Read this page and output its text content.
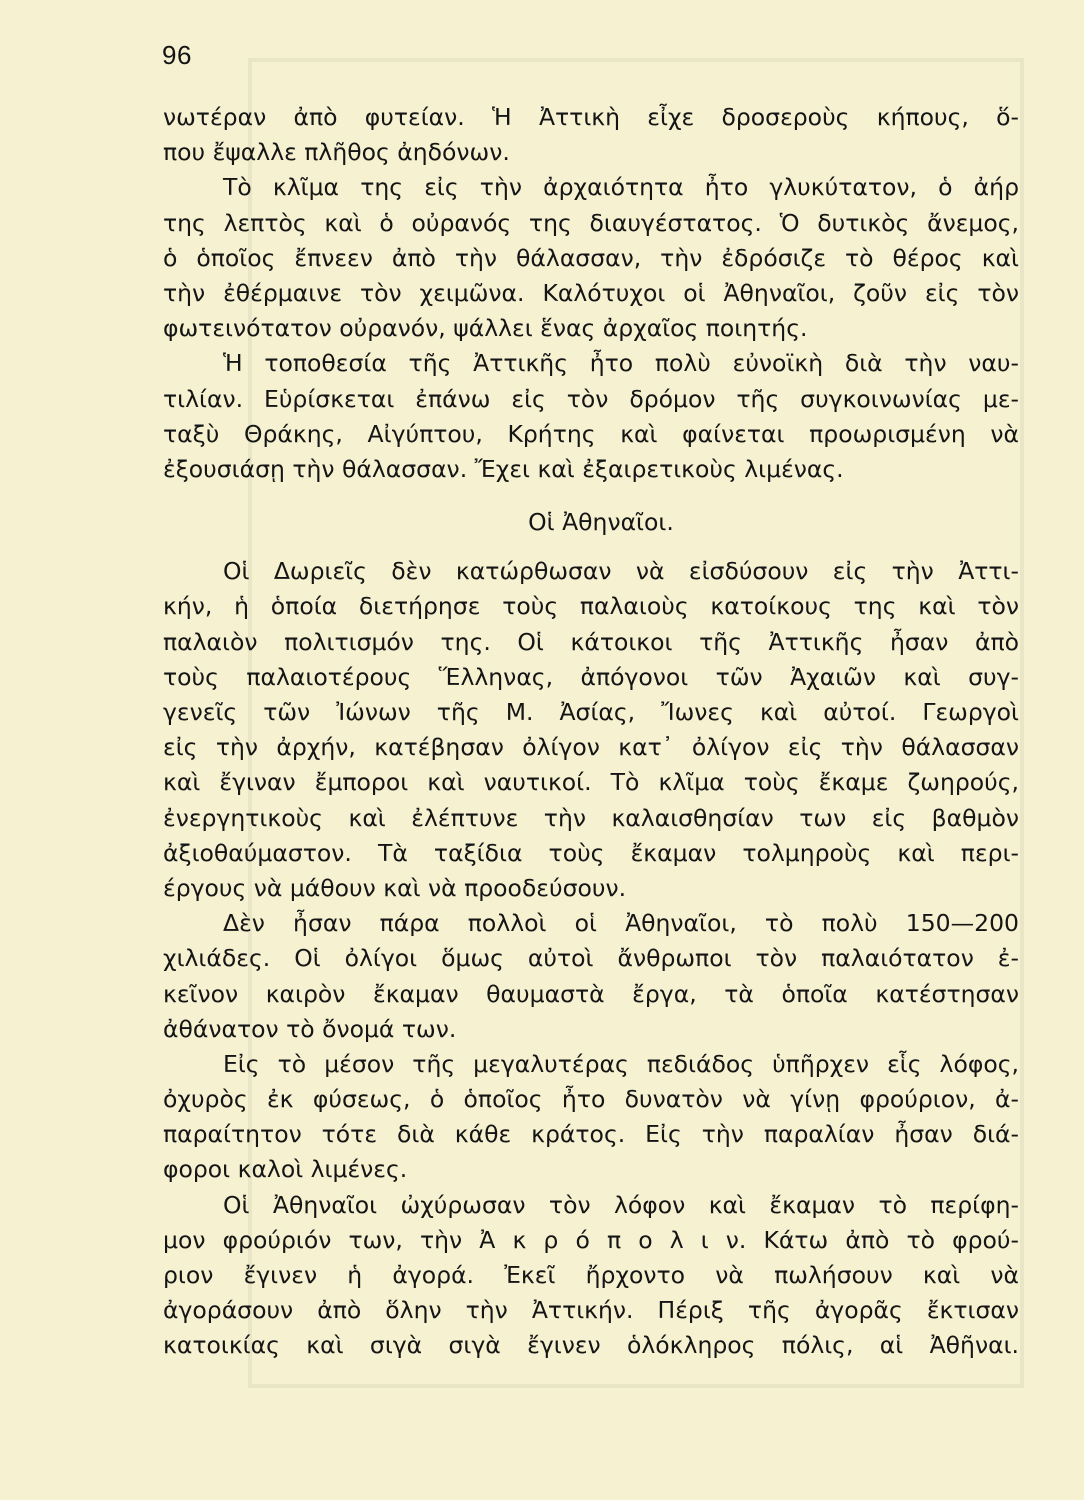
96
νωτέραν ἀπὸ φυτείαν. Ἡ Ἀττικὴ εἶχε δροσεροὺς κήπους, ὅ-
που ἔψαλλε πλῆθος ἀηδόνων.
Τὸ κλῖμα της εἰς τὴν ἀρχαιότητα ἦτο γλυκύτατον, ὁ ἀήρ
της λεπτὸς καὶ ὁ οὐρανός της διαυγέστατος. Ὁ δυτικὸς ἄνεμος,
ὁ ὁποῖος ἔπνεεν ἀπὸ τὴν θάλασσαν, τὴν ἐδρόσιζε τὸ θέρος καὶ
τὴν ἐθέρμαινε τὸν χειμῶνα. Καλότυχοι οἱ Ἀθηναῖοι, ζοῦν εἰς τὸν
φωτεινότατον οὐρανόν, ψάλλει ἕνας ἀρχαῖος ποιητής.
Ἡ τοποθεσία τῆς Ἀττικῆς ἦτο πολὺ εὐνοϊκὴ διὰ τὴν ναυ-
τιλίαν. Εὑρίσκεται ἐπάνω εἰς τὸν δρόμον τῆς συγκοινωνίας με-
ταξὺ Θράκης, Αἰγύπτου, Κρήτης καὶ φαίνεται προωρισμένη νὰ
ἐξουσιάσῃ τὴν θάλασσαν. Ἔχει καὶ ἐξαιρετικοὺς λιμένας.
Οἱ Ἀθηναῖοι.
Οἱ Δωριεῖς δὲν κατώρθωσαν νὰ εἰσδύσουν εἰς τὴν Ἀττι-
κήν, ἡ ὁποία διετήρησε τοὺς παλαιοὺς κατοίκους της καὶ τὸν
παλαιὸν πολιτισμόν της. Οἱ κάτοικοι τῆς Ἀττικῆς ἦσαν ἀπὸ
τοὺς παλαιοτέρους Ἕλληνας, ἀπόγονοι τῶν Ἀχαιῶν καὶ συγ-
γενεῖς τῶν Ἰώνων τῆς Μ. Ἀσίας, Ἴωνες καὶ αὐτοί. Γεωργοὶ
εἰς τὴν ἀρχήν, κατέβησαν ὀλίγον κατ᾽ ὀλίγον εἰς τὴν θάλασσαν
καὶ ἔγιναν ἔμποροι καὶ ναυτικοί. Τὸ κλῖμα τοὺς ἔκαμε ζωηρούς,
ἐνεργητικοὺς καὶ ἐλέπτυνε τὴν καλαισθησίαν των εἰς βαθμὸν
ἀξιοθαύμαστον. Τὰ ταξίδια τοὺς ἔκαμαν τολμηροὺς καὶ περι-
έργους νὰ μάθουν καὶ νὰ προοδεύσουν.
Δὲν ἦσαν πάρα πολλοὶ οἱ Ἀθηναῖοι, τὸ πολὺ 150—200
χιλιάδες. Οἱ ὀλίγοι ὅμως αὐτοὶ ἄνθρωποι τὸν παλαιότατον ἐ-
κεῖνον καιρὸν ἔκαμαν θαυμαστὰ ἔργα, τὰ ὁποῖα κατέστησαν
ἀθάνατον τὸ ὄνομά των.
Εἰς τὸ μέσον τῆς μεγαλυτέρας πεδιάδος ὑπῆρχεν εἷς λόφος,
ὀχυρὸς ἐκ φύσεως, ὁ ὁποῖος ἦτο δυνατὸν νὰ γίνῃ φρούριον, ἀ-
παραίτητον τότε διὰ κάθε κράτος. Εἰς τὴν παραλίαν ἦσαν διά-
φοροι καλοὶ λιμένες.
Οἱ Ἀθηναῖοι ὠχύρωσαν τὸν λόφον καὶ ἔκαμαν τὸ περίφη-
μον φρούριόν των, τὴν Ἀ κ ρ ό π ο λ ι ν. Κάτω ἀπὸ τὸ φρού-
ριον ἔγινεν ἡ ἀγορά. Ἐκεῖ ἤρχοντο νὰ πωλήσουν καὶ νὰ
ἀγοράσουν ἀπὸ ὅλην τὴν Ἀττικήν. Πέριξ τῆς ἀγορᾶς ἔκτισαν
κατοικίας καὶ σιγὰ σιγὰ ἔγινεν ὁλόκληρος πόλις, αἱ Ἀθῆναι.
